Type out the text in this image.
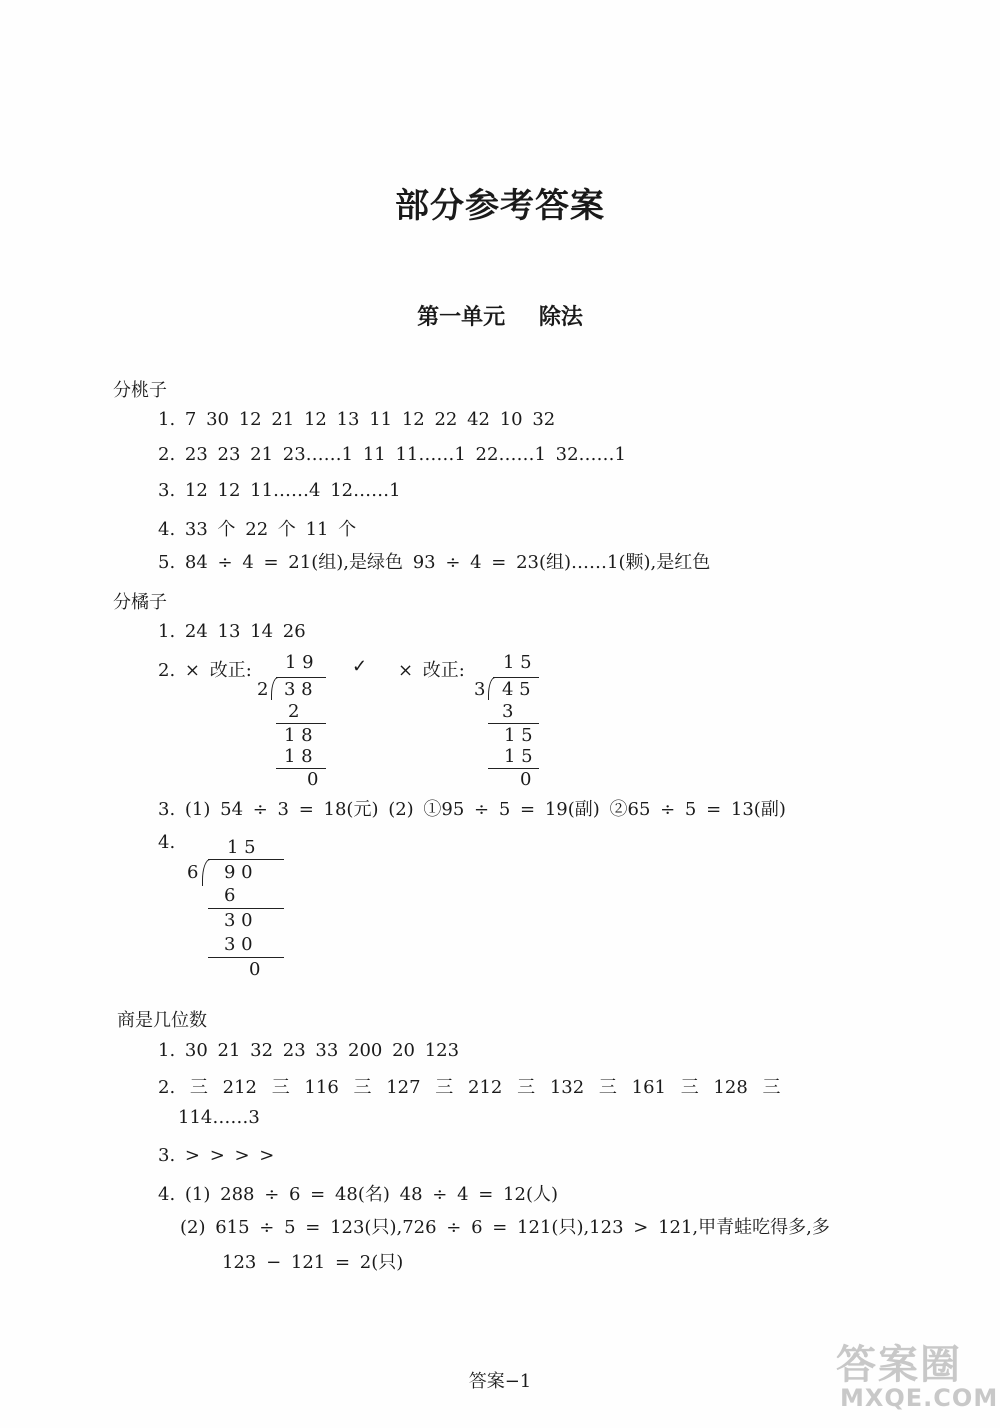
部分参考答案
第一单元 除法
分桃子
1. 7 30 12 21 12 13 11 12 22 42 10 32
2. 23 23 21 23……1 11 11……1 22……1 32……1
3. 12 12 11……4 12……1
4. 33 个 22 个 11 个
5. 84 ÷ 4 = 21(组),是绿色 93 ÷ 4 = 23(组)……1(颗),是红色
分橘子
1. 24 13 14 26
2. × 改正:	✓ × 改正:
1 9
2 3 8
2
1 8
1 8
0
1 5
3 4 5
3
1 5
1 5
0
3. (1) 54 ÷ 3 = 18(元) (2) ①95 ÷ 5 = 19(副) ②65 ÷ 5 = 13(副)
4.	1 5
6 9 0
6
3 0
3 0
0
商是几位数
1. 30 21 32 23 33 200 20 123
2. 三 212 三 116 三 127 三 212 三 132 三 161 三 128 三
114……3
3. > > > >
4. (1) 288 ÷ 6 = 48(名) 48 ÷ 4 = 12(人)
(2) 615 ÷ 5 = 123(只),726 ÷ 6 = 121(只),123 > 121,甲青蛙吃得多,多
123 − 121 = 2(只)
答案−1	答案圈
MXQE.COM
